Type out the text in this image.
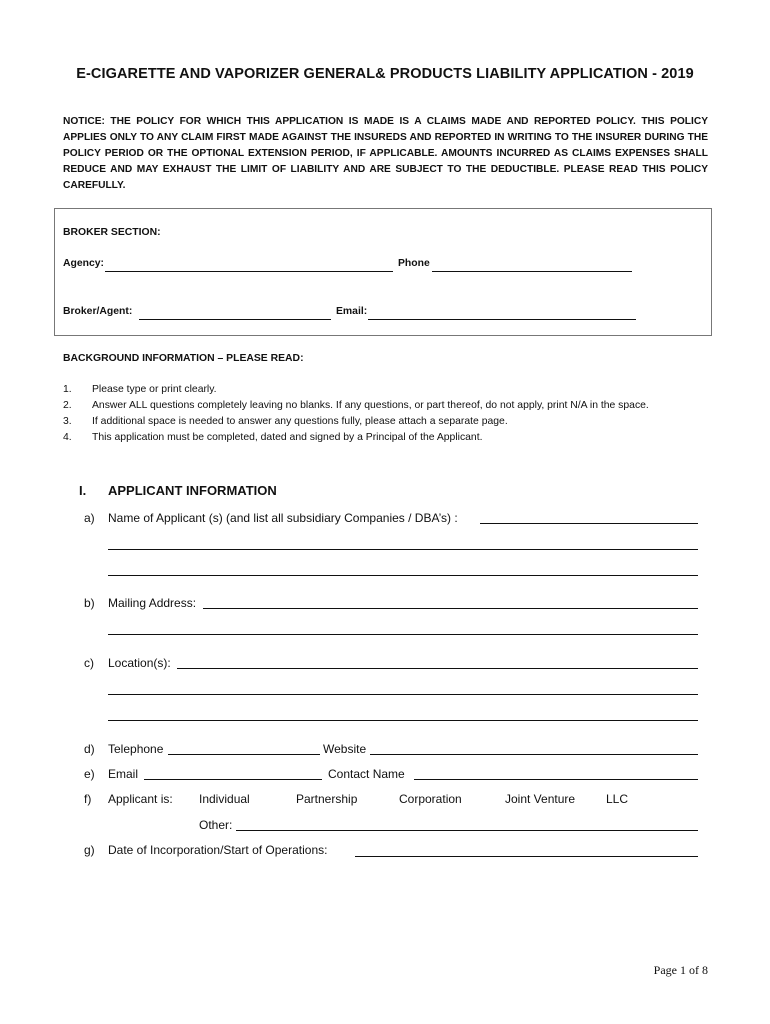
E-CIGARETTE AND VAPORIZER GENERAL& PRODUCTS LIABILITY APPLICATION - 2019
NOTICE: THE POLICY FOR WHICH THIS APPLICATION IS MADE IS A CLAIMS MADE AND REPORTED POLICY. THIS POLICY APPLIES ONLY TO ANY CLAIM FIRST MADE AGAINST THE INSUREDS AND REPORTED IN WRITING TO THE INSURER DURING THE POLICY PERIOD OR THE OPTIONAL EXTENSION PERIOD, IF APPLICABLE. AMOUNTS INCURRED AS CLAIMS EXPENSES SHALL REDUCE AND MAY EXHAUST THE LIMIT OF LIABILITY AND ARE SUBJECT TO THE DEDUCTIBLE. PLEASE READ THIS POLICY CAREFULLY.
BROKER SECTION:
Agency:	Phone
Broker/Agent:	Email:
BACKGROUND INFORMATION – PLEASE READ:
1.	Please type or print clearly.
2.	Answer ALL questions completely leaving no blanks. If any questions, or part thereof, do not apply, print N/A in the space.
3.	If additional space is needed to answer any questions fully, please attach a separate page.
4.	This application must be completed, dated and signed by a Principal of the Applicant.
I. APPLICANT INFORMATION
a) Name of Applicant (s) (and list all subsidiary Companies / DBA’s) :
b) Mailing Address:
c) Location(s):
d) Telephone	Website
e) Email	Contact Name
f) Applicant is: Individual	Partnership	Corporation	Joint Venture	LLC
Other:
g) Date of Incorporation/Start of Operations:
Page 1 of 8
